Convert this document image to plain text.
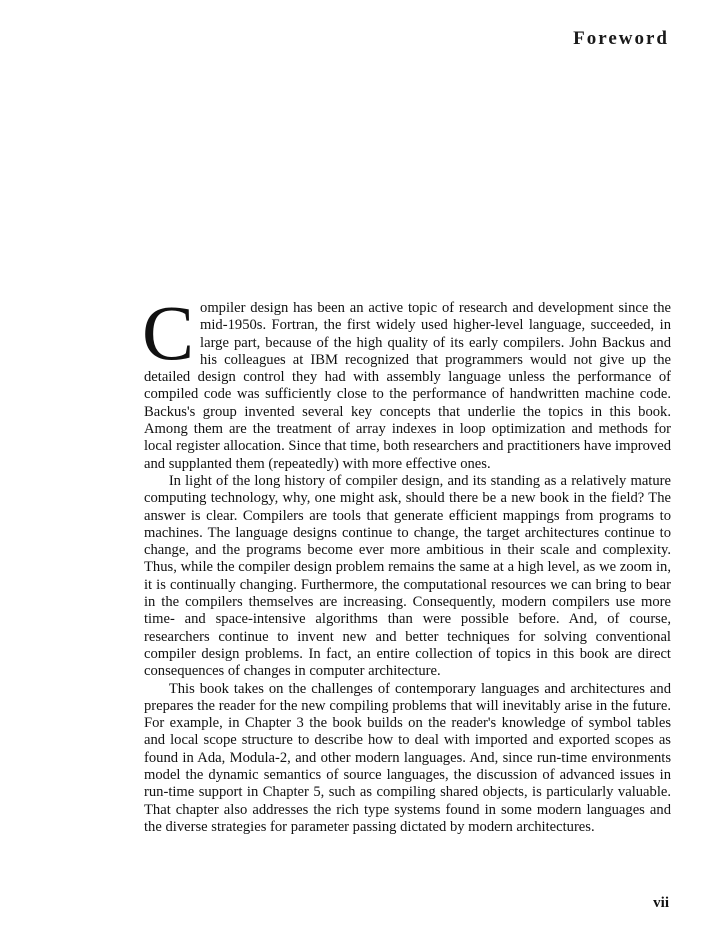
Foreword

Compiler design has been an active topic of research and development since the mid-1950s. Fortran, the first widely used higher-level language, succeeded, in large part, because of the high quality of its early compilers. John Backus and his colleagues at IBM recognized that programmers would not give up the detailed design control they had with assembly language unless the performance of compiled code was sufficiently close to the performance of handwritten machine code. Backus's group invented several key concepts that underlie the topics in this book. Among them are the treatment of array indexes in loop optimization and methods for local register allocation. Since that time, both researchers and practitioners have improved and supplanted them (repeatedly) with more effective ones.

In light of the long history of compiler design, and its standing as a relatively mature computing technology, why, one might ask, should there be a new book in the field? The answer is clear. Compilers are tools that generate efficient mappings from programs to machines. The language designs continue to change, the target architectures continue to change, and the programs become ever more ambitious in their scale and complexity. Thus, while the compiler design problem remains the same at a high level, as we zoom in, it is continually changing. Furthermore, the computational resources we can bring to bear in the compilers themselves are increasing. Consequently, modern compilers use more time- and space-intensive algorithms than were possible before. And, of course, researchers continue to invent new and better techniques for solving conventional compiler design problems. In fact, an entire collection of topics in this book are direct consequences of changes in computer architecture.

This book takes on the challenges of contemporary languages and architectures and prepares the reader for the new compiling problems that will inevitably arise in the future. For example, in Chapter 3 the book builds on the reader's knowledge of symbol tables and local scope structure to describe how to deal with imported and exported scopes as found in Ada, Modula-2, and other modern languages. And, since run-time environments model the dynamic semantics of source languages, the discussion of advanced issues in run-time support in Chapter 5, such as compiling shared objects, is particularly valuable. That chapter also addresses the rich type systems found in some modern languages and the diverse strategies for parameter passing dictated by modern architectures.

vii
